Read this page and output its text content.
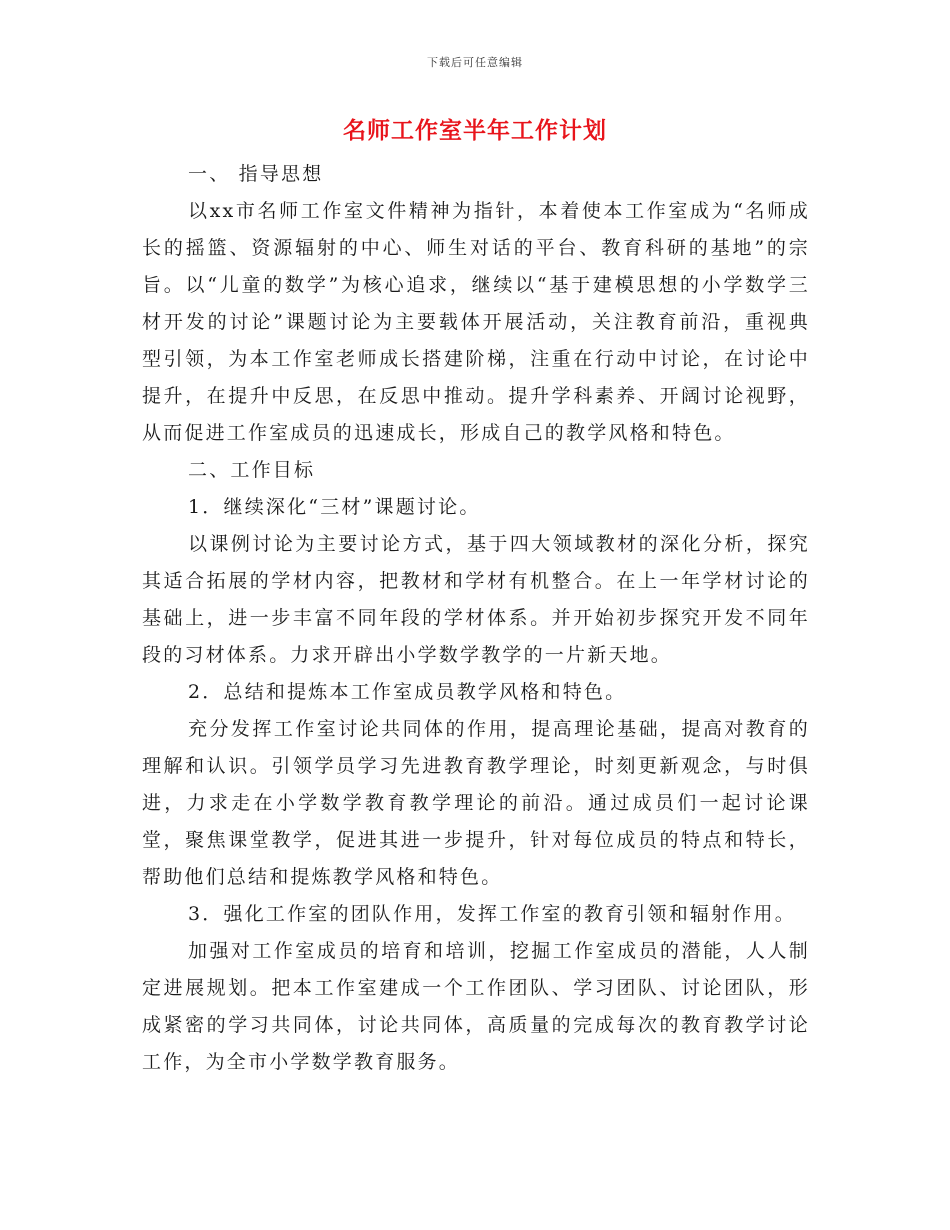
下载后可任意编辑
名师工作室半年工作计划

一、 指导思想

以xx市名师工作室文件精神为指针，本着使本工作室成为“名师成长的摇篮、资源辐射的中心、师生对话的平台、教育科研的基地”的宗旨。以“儿童的数学”为核心追求，继续以“基于建模思想的小学数学三材开发的讨论”课题讨论为主要载体开展活动，关注教育前沿，重视典型引领，为本工作室老师成长搭建阶梯，注重在行动中讨论，在讨论中提升，在提升中反思，在反思中推动。提升学科素养、开阔讨论视野，从而促进工作室成员的迅速成长，形成自己的教学风格和特色。

二、工作目标

1．继续深化“三材”课题讨论。

以课例讨论为主要讨论方式，基于四大领域教材的深化分析，探究其适合拓展的学材内容，把教材和学材有机整合。在上一年学材讨论的基础上，进一步丰富不同年段的学材体系。并开始初步探究开发不同年段的习材体系。力求开辟出小学数学教学的一片新天地。

2．总结和提炼本工作室成员教学风格和特色。

充分发挥工作室讨论共同体的作用，提高理论基础，提高对教育的理解和认识。引领学员学习先进教育教学理论，时刻更新观念，与时俱进，力求走在小学数学教育教学理论的前沿。通过成员们一起讨论课堂，聚焦课堂教学，促进其进一步提升，针对每位成员的特点和特长，帮助他们总结和提炼教学风格和特色。

3．强化工作室的团队作用，发挥工作室的教育引领和辐射作用。

加强对工作室成员的培育和培训，挖掘工作室成员的潜能，人人制定进展规划。把本工作室建成一个工作团队、学习团队、讨论团队，形成紧密的学习共同体，讨论共同体，高质量的完成每次的教育教学讨论工作，为全市小学数学教育服务。
